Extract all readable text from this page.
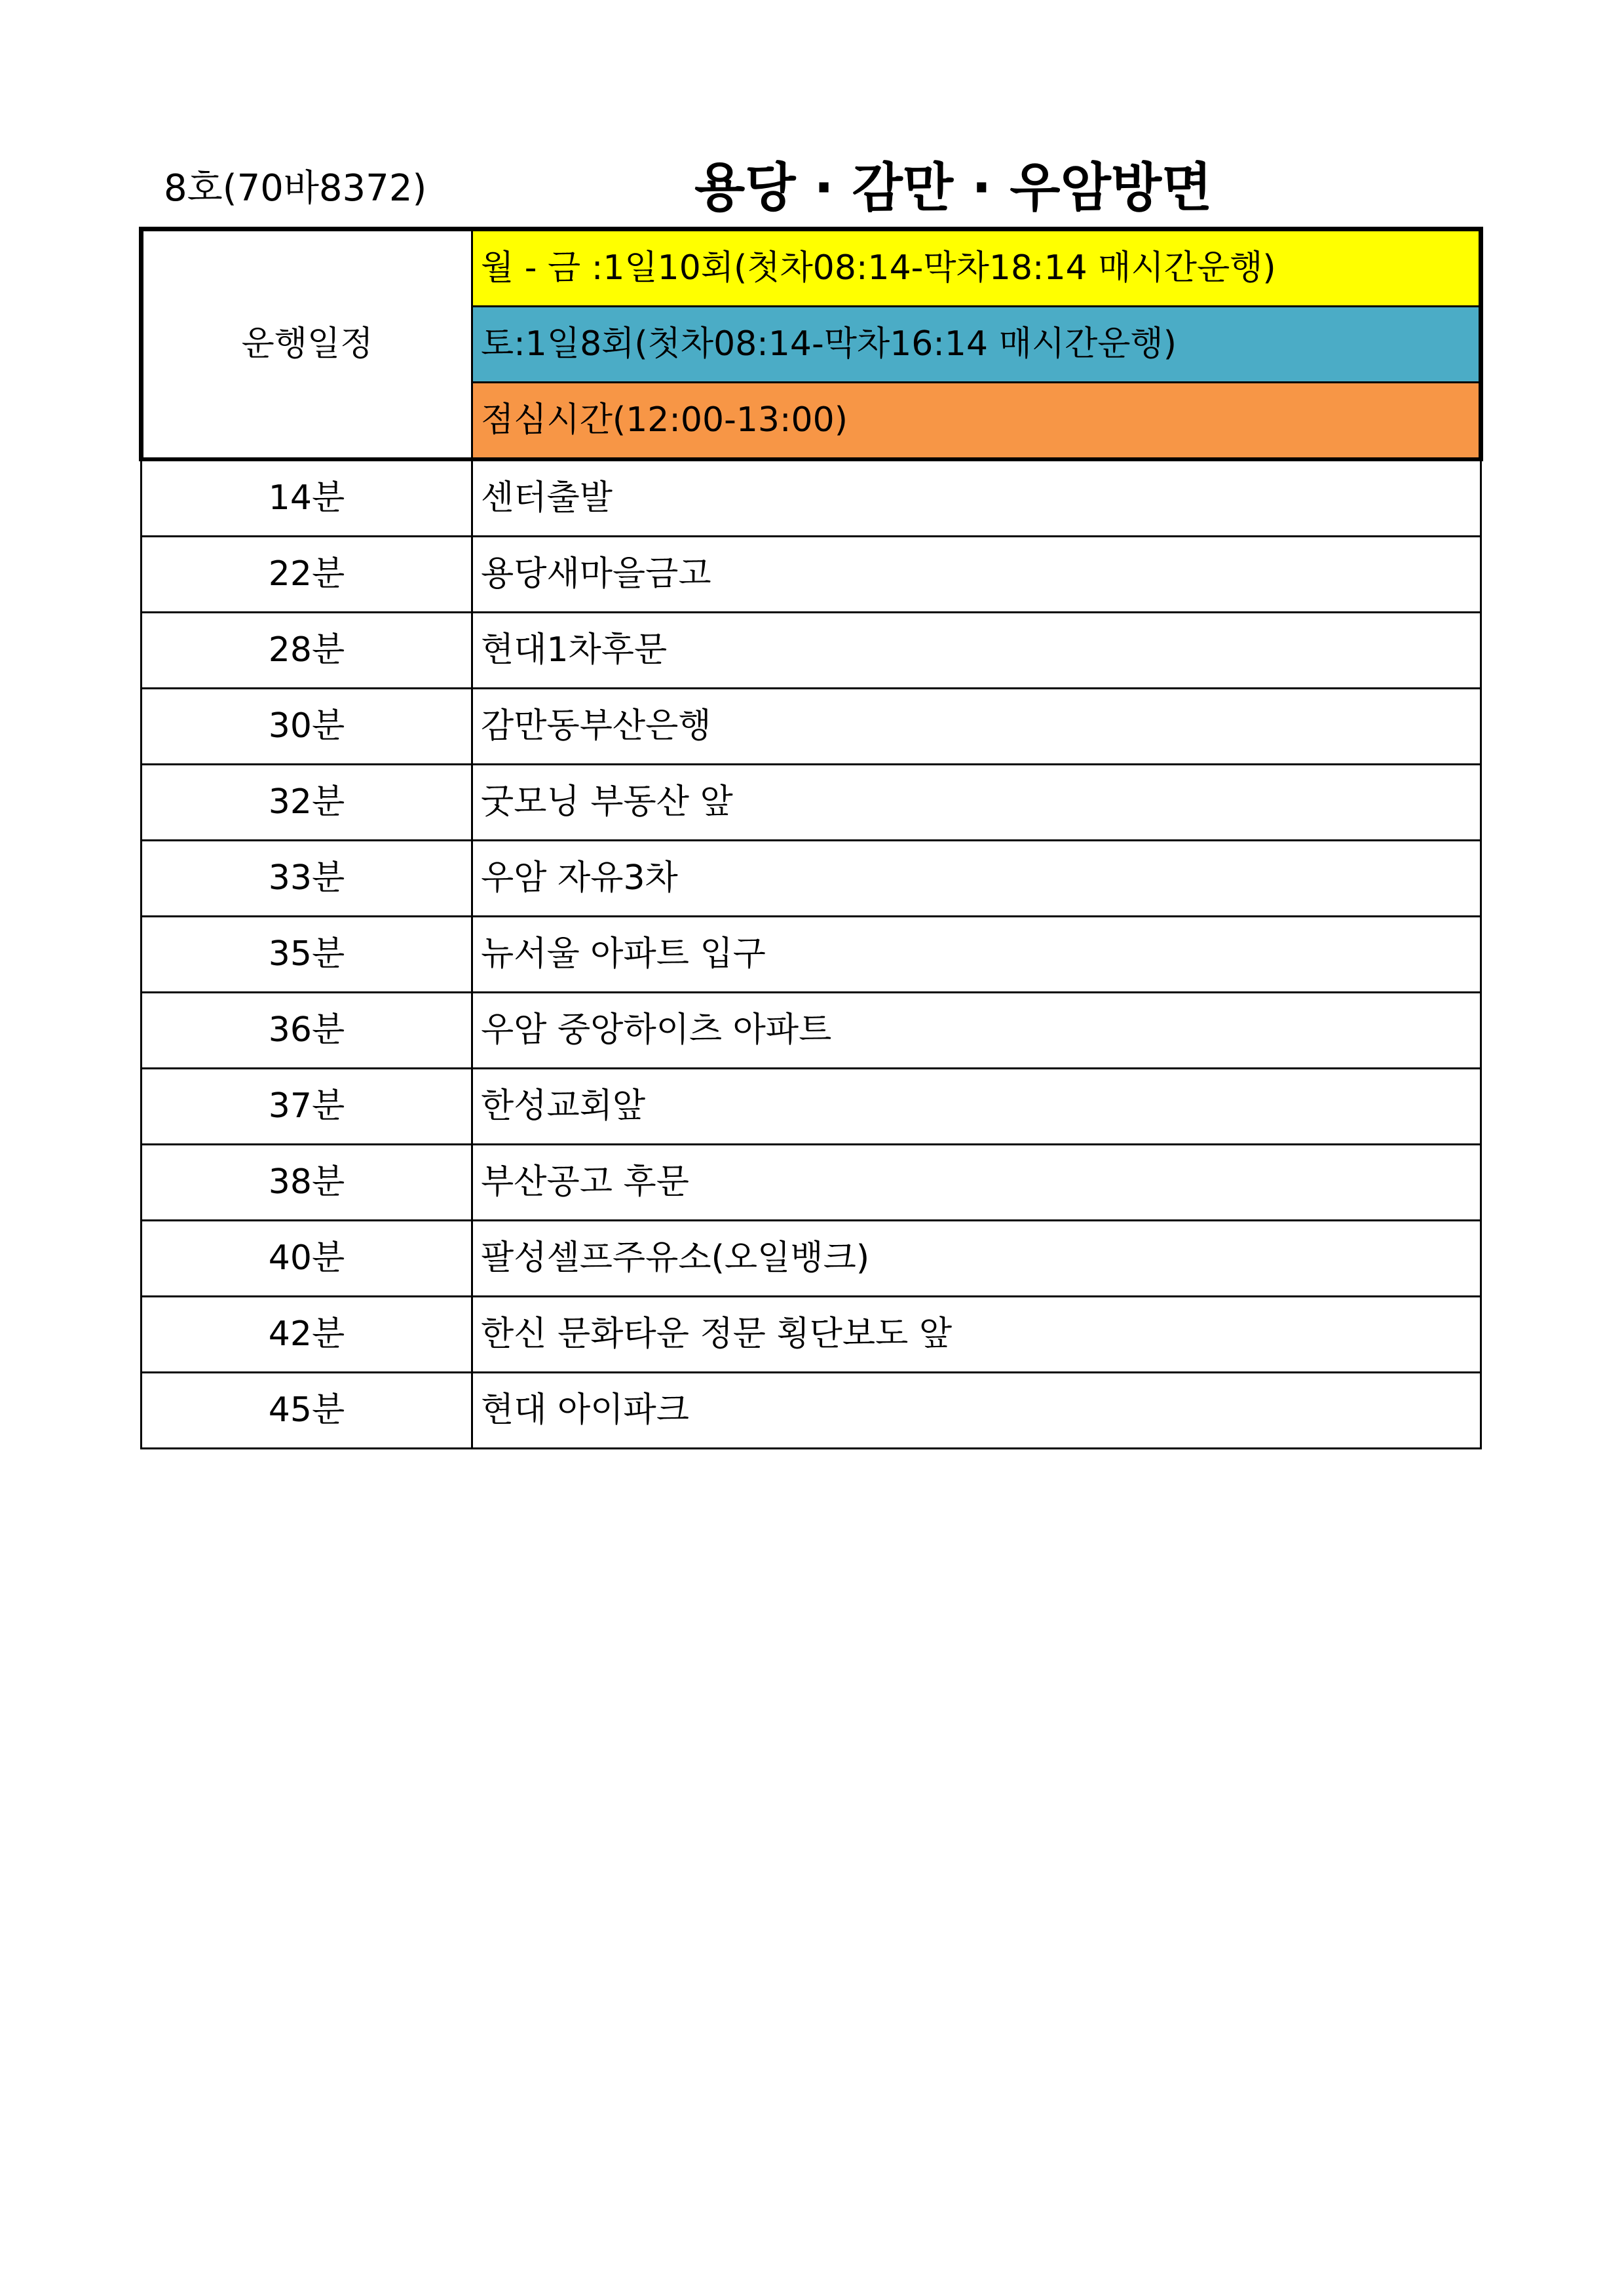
8호(70바8372)	용당 · 감만 · 우암방면
운행일정	월 - 금 :1일10회(첫차08:14-막차18:14 매시간운행)
	토:1일8회(첫차08:14-막차16:14 매시간운행)
	점심시간(12:00-13:00)
14분	센터출발
22분	용당새마을금고
28분	현대1차후문
30분	감만동부산은행
32분	굿모닝 부동산 앞
33분	우암 자유3차
35분	뉴서울 아파트 입구
36분	우암 중앙하이츠 아파트
37분	한성교회앞
38분	부산공고 후문
40분	팔성셀프주유소(오일뱅크)
42분	한신 문화타운 정문 횡단보도 앞
45분	현대 아이파크
